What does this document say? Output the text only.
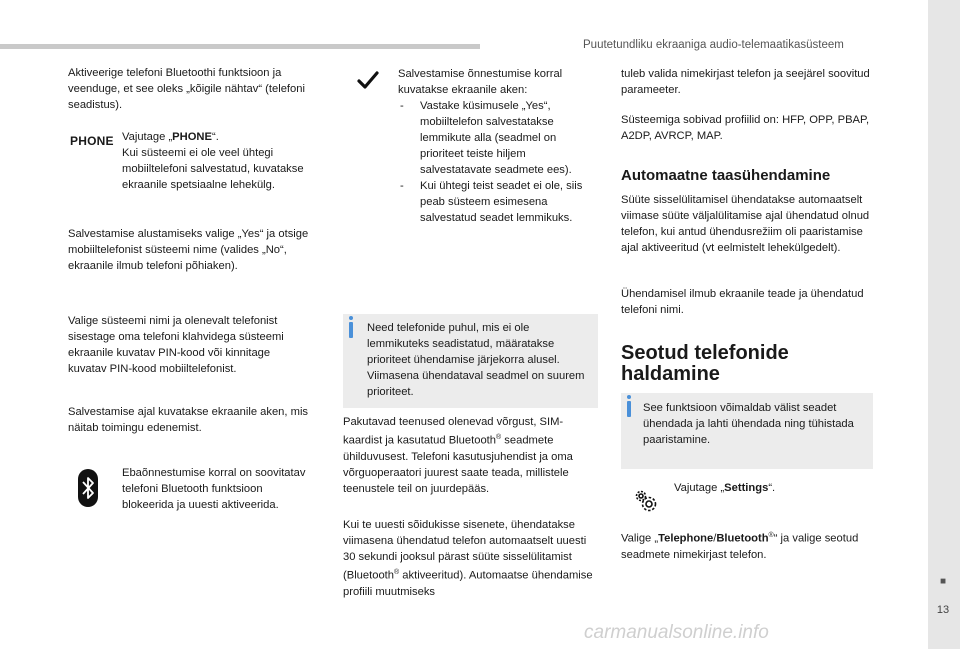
Puutetundliku ekraaniga audio-telemaatikasüsteem
■
13

Aktiveerige telefoni Bluetoothi funktsioon ja veenduge, et see oleks „kõigile nähtav“ (telefoni seadistus).

PHONE Vajutage „PHONE“.
Kui süsteemi ei ole veel ühtegi mobiiltelefoni salvestatud, kuvatakse ekraanile spetsiaalne lehekülg.

Salvestamise alustamiseks valige „Yes“ ja otsige mobiiltelefonist süsteemi nime (valides „No“, ekraanile ilmub telefoni põhiaken).

Valige süsteemi nimi ja olenevalt telefonist sisestage oma telefoni klahvidega süsteemi ekraanile kuvatav PIN-kood või kinnitage kuvatav PIN-kood mobiiltelefonist.

Salvestamise ajal kuvatakse ekraanile aken, mis näitab toimingu edenemist.

Ebaõnnestumise korral on soovitatav telefoni Bluetooth funktsioon blokeerida ja uuesti aktiveerida.

Salvestamise õnnestumise korral kuvatakse ekraanile aken:
- Vastake küsimusele „Yes“, mobiiltelefon salvestatakse lemmikute alla (seadmel on prioriteet teiste hiljem salvestatavate seadmete ees).
- Kui ühtegi teist seadet ei ole, siis peab süsteem esimesena salvestatud seadet lemmikuks.

Need telefonide puhul, mis ei ole lemmikuteks seadistatud, määratakse prioriteet ühendamise järjekorra alusel. Viimasena ühendataval seadmel on suurem prioriteet.

Pakutavad teenused olenevad võrgust, SIM-kaardist ja kasutatud Bluetooth® seadmete ühilduvusest. Telefoni kasutusjuhendist ja oma võrguoperaatori juurest saate teada, millistele teenustele teil on juurdepääs.

Kui te uuesti sõidukisse sisenete, ühendatakse viimasena ühendatud telefon automaatselt uuesti 30 sekundi jooksul pärast süüte sisselülitamist (Bluetooth® aktiveeritud). Automaatse ühendamise profiili muutmiseks

tuleb valida nimekirjast telefon ja seejärel soovitud parameeter.

Süsteemiga sobivad profiilid on: HFP, OPP, PBAP, A2DP, AVRCP, MAP.

Automaatne taasühendamine

Süüte sisselülitamisel ühendatakse automaatselt viimase süüte väljalülitamise ajal ühendatud olnud telefon, kui antud ühendusrežiim oli paaristamise ajal aktiveeritud (vt eelmistelt lehekülgedelt).

Ühendamisel ilmub ekraanile teade ja ühendatud telefoni nimi.

Seotud telefonide
haldamine

See funktsioon võimaldab välist seadet ühendada ja lahti ühendada ning tühistada paaristamine.

Vajutage „Settings“.

Valige „Telephone/Bluetooth®“ ja valige seotud seadmete nimekirjast telefon.

carmanualsonline.info
